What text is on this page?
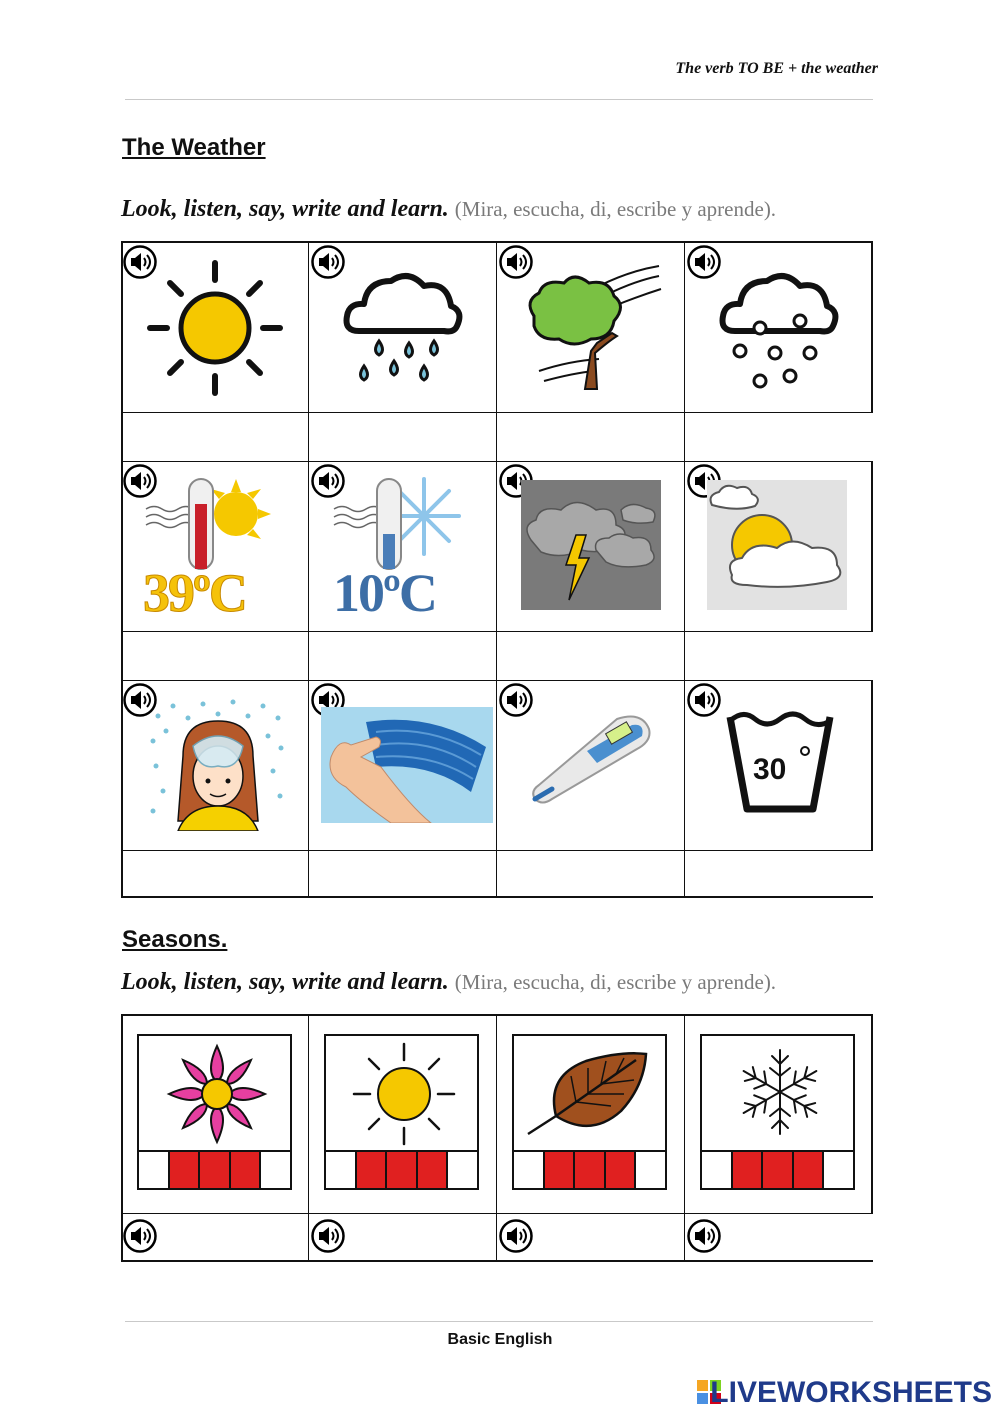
The verb TO BE + the weather
The Weather
Look, listen, say, write and learn. (Mira, escucha, di, escribe y aprende).
39ºC 10ºC
30
Seasons.
Look, listen, say, write and learn. (Mira, escucha, di, escribe y aprende).
Basic English
LIVEWORKSHEETS
